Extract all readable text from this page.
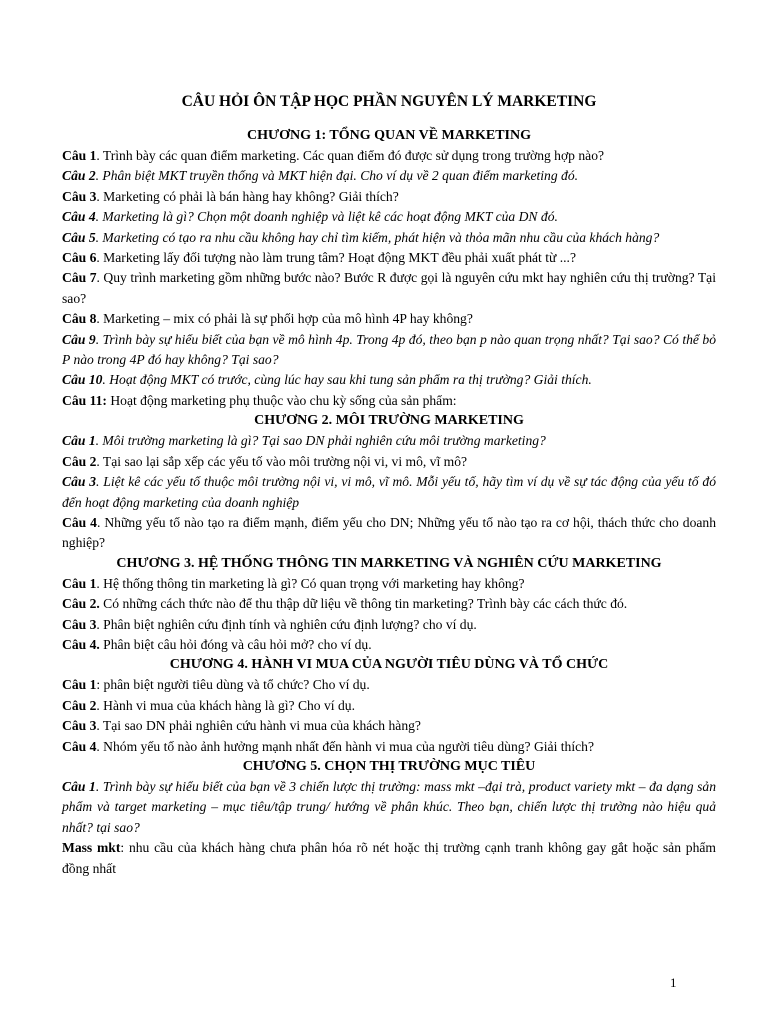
CÂU HỎI ÔN TẬP HỌC PHẦN NGUYÊN LÝ MARKETING
CHƯƠNG 1: TỔNG QUAN VỀ MARKETING

Câu 1. Trình bày các quan điểm marketing. Các quan điểm đó được sử dụng trong trường hợp nào?

Câu 2. Phân biệt MKT truyền thống và MKT hiện đại. Cho ví dụ về 2 quan điểm marketing đó.

Câu 3. Marketing có phải là bán hàng hay không? Giải thích?

Câu 4. Marketing là gì? Chọn một doanh nghiệp và liệt kê các hoạt động MKT của DN đó.

Câu 5. Marketing có tạo ra nhu cầu không hay chỉ tìm kiếm, phát hiện và thỏa mãn nhu cầu của khách hàng?

Câu 6. Marketing lấy đối tượng nào làm trung tâm? Hoạt động MKT đều phải xuất phát từ ...?

Câu 7. Quy trình marketing gồm những bước nào? Bước R được gọi là nguyên cứu mkt hay nghiên cứu thị trường? Tại sao?

Câu 8. Marketing – mix có phải là sự phối hợp của mô hình 4P hay không?

Câu 9. Trình bày sự hiểu biết của bạn về mô hình 4p. Trong 4p đó, theo bạn p nào quan trọng nhất? Tại sao? Có thể bỏ P nào trong 4P đó hay không? Tại sao?

Câu 10. Hoạt động MKT có trước, cùng lúc hay sau khi tung sản phẩm ra thị trường? Giải thích.

Câu 11: Hoạt động marketing phụ thuộc vào chu kỳ sống của sản phẩm:

CHƯƠNG 2. MÔI TRƯỜNG MARKETING

Câu 1. Môi trường marketing là gì? Tại sao DN phải nghiên cứu môi trường marketing?

Câu 2. Tại sao lại sắp xếp các yếu tố vào môi trường nội vi, vi mô, vĩ mô?

Câu 3. Liệt kê các yếu tố thuộc môi trường nội vi, vi mô, vĩ mô. Mỗi yếu tố, hãy tìm ví dụ về sự tác động của yếu tố đó đến hoạt động marketing của doanh nghiệp

Câu 4. Những yếu tố nào tạo ra điểm mạnh, điểm yếu cho DN; Những yếu tố nào tạo ra cơ hội, thách thức cho doanh nghiệp?

CHƯƠNG 3. HỆ THỐNG THÔNG TIN MARKETING VÀ NGHIÊN CỨU MARKETING

Câu 1. Hệ thống thông tin marketing là gì? Có quan trọng với marketing hay không?

Câu 2. Có những cách thức nào để thu thập dữ liệu về thông tin marketing? Trình bày các cách thức đó.

Câu 3. Phân biệt nghiên cứu định tính và nghiên cứu định lượng? cho ví dụ.

Câu 4. Phân biệt câu hỏi đóng và câu hỏi mở? cho ví dụ.

CHƯƠNG 4. HÀNH VI MUA CỦA NGƯỜI TIÊU DÙNG VÀ TỔ CHỨC

Câu 1: phân biệt người tiêu dùng và tổ chức? Cho ví dụ.

Câu 2. Hành vi mua của khách hàng là gì? Cho ví dụ.

Câu 3. Tại sao DN phải nghiên cứu hành vi mua của khách hàng?

Câu 4. Nhóm yếu tố nào ảnh hưởng mạnh nhất đến hành vi mua của người tiêu dùng? Giải thích?

CHƯƠNG 5. CHỌN THỊ TRƯỜNG MỤC TIÊU

Câu 1. Trình bày sự hiểu biết của bạn về 3 chiến lược thị trường: mass mkt –đại trà, product variety mkt – đa dạng sản phẩm và target marketing – mục tiêu/tập trung/ hướng về phân khúc. Theo bạn, chiến lược thị trường nào hiệu quả nhất? tại sao?

Mass mkt: nhu cầu của khách hàng chưa phân hóa rõ nét hoặc thị trường cạnh tranh không gay gắt hoặc sản phẩm đồng nhất

1
